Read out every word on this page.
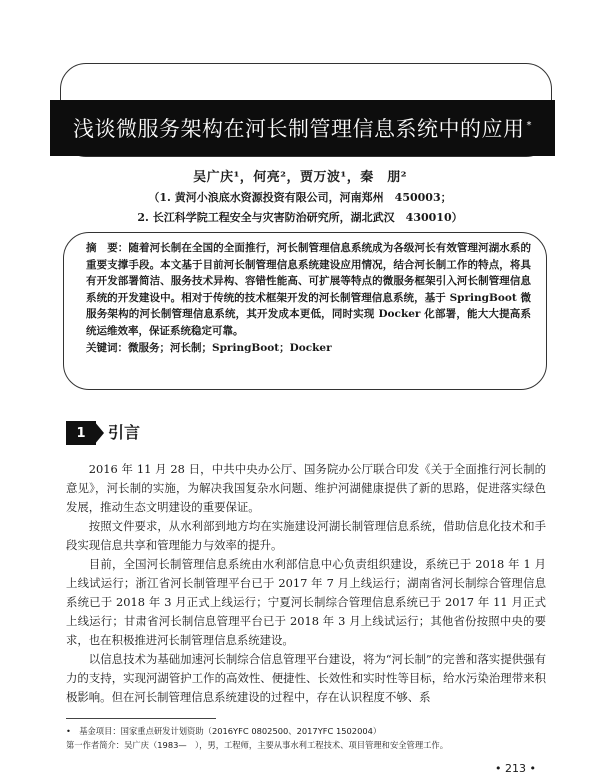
浅谈微服务架构在河长制管理信息系统中的应用 *
吴广庆¹，何亮²，贾万波¹，秦　朋²
（1. 黄河小浪底水资源投资有限公司，河南郑州　450003；
2. 长江科学院工程安全与灾害防治研究所，湖北武汉　430010）
摘　要：随着河长制在全国的全面推行，河长制管理信息系统成为各级河长有效管理河湖水系的重要支撑手段。本文基于目前河长制管理信息系统建设应用情况，结合河长制工作的特点，将具有开发部署简洁、服务技术异构、容错性能高、可扩展等特点的微服务框架引入河长制管理信息系统的开发建设中。相对于传统的技术框架开发的河长制管理信息系统，基于 SpringBoot 微服务架构的河长制管理信息系统，其开发成本更低，同时实现 Docker 化部署，能大大提高系统运维效率，保证系统稳定可靠。
关键词：微服务；河长制；SpringBoot；Docker
1	引言

2016 年 11 月 28 日，中共中央办公厅、国务院办公厅联合印发《关于全面推行河长制的意见》，河长制的实施，为解决我国复杂水问题、维护河湖健康提供了新的思路，促进落实绿色发展，推动生态文明建设的重要保证。

按照文件要求，从水利部到地方均在实施建设河湖长制管理信息系统，借助信息化技术和手段实现信息共享和管理能力与效率的提升。

目前，全国河长制管理信息系统由水利部信息中心负责组织建设，系统已于 2018 年 1 月上线试运行；浙江省河长制管理平台已于 2017 年 7 月上线运行；湖南省河长制综合管理信息系统已于 2018 年 3 月正式上线运行；宁夏河长制综合管理信息系统已于 2017 年 11 月正式上线运行；甘肃省河长制信息管理平台已于 2018 年 3 月上线试运行；其他省份按照中央的要求，也在积极推进河长制管理信息系统建设。

以信息技术为基础加速河长制综合信息管理平台建设，将为“河长制”的完善和落实提供强有力的支持，实现河湖管护工作的高效性、便捷性、长效性和实时性等目标，给水污染治理带来积极影响。但在河长制管理信息系统建设的过程中，存在认识程度不够、系

•　基金项目：国家重点研发计划资助（2016YFC 0802500、2017YFC 1502004）
第一作者简介：吴广庆（1983—　），男，工程师，主要从事水利工程技术、项目管理和安全管理工作。
• 213 •
